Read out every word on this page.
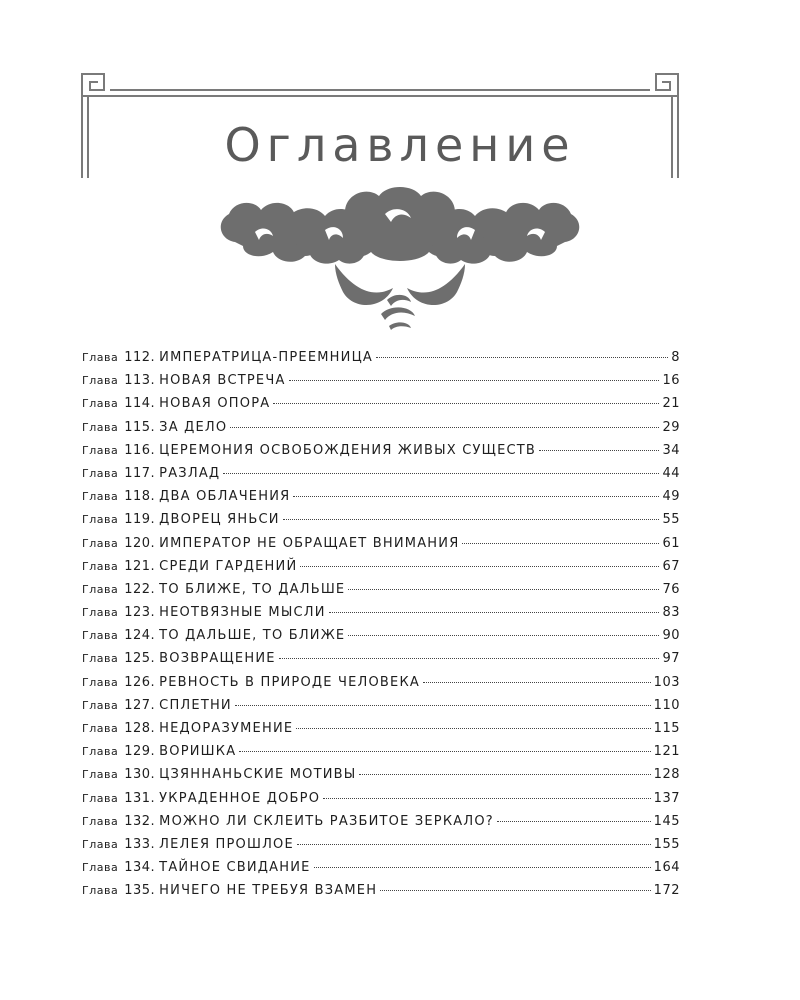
Оглавление
Глава 112. ИМПЕРАТРИЦА-ПРЕЕМНИЦА	8
Глава 113. НОВАЯ ВСТРЕЧА	16
Глава 114. НОВАЯ ОПОРА	21
Глава 115. ЗА ДЕЛО	29
Глава 116. ЦЕРЕМОНИЯ ОСВОБОЖДЕНИЯ ЖИВЫХ СУЩЕСТВ	34
Глава 117. РАЗЛАД	44
Глава 118. ДВА ОБЛАЧЕНИЯ	49
Глава 119. ДВОРЕЦ ЯНЬСИ	55
Глава 120. ИМПЕРАТОР НЕ ОБРАЩАЕТ ВНИМАНИЯ	61
Глава 121. СРЕДИ ГАРДЕНИЙ	67
Глава 122. ТО БЛИЖЕ, ТО ДАЛЬШЕ	76
Глава 123. НЕОТВЯЗНЫЕ МЫСЛИ	83
Глава 124. ТО ДАЛЬШЕ, ТО БЛИЖЕ	90
Глава 125. ВОЗВРАЩЕНИЕ	97
Глава 126. РЕВНОСТЬ В ПРИРОДЕ ЧЕЛОВЕКА	103
Глава 127. СПЛЕТНИ	110
Глава 128. НЕДОРАЗУМЕНИЕ	115
Глава 129. ВОРИШКА	121
Глава 130. ЦЗЯННАНЬСКИЕ МОТИВЫ	128
Глава 131. УКРАДЕННОЕ ДОБРО	137
Глава 132. МОЖНО ЛИ СКЛЕИТЬ РАЗБИТОЕ ЗЕРКАЛО?	145
Глава 133. ЛЕЛЕЯ ПРОШЛОЕ	155
Глава 134. ТАЙНОЕ СВИДАНИЕ	164
Глава 135. НИЧЕГО НЕ ТРЕБУЯ ВЗАМЕН	172
